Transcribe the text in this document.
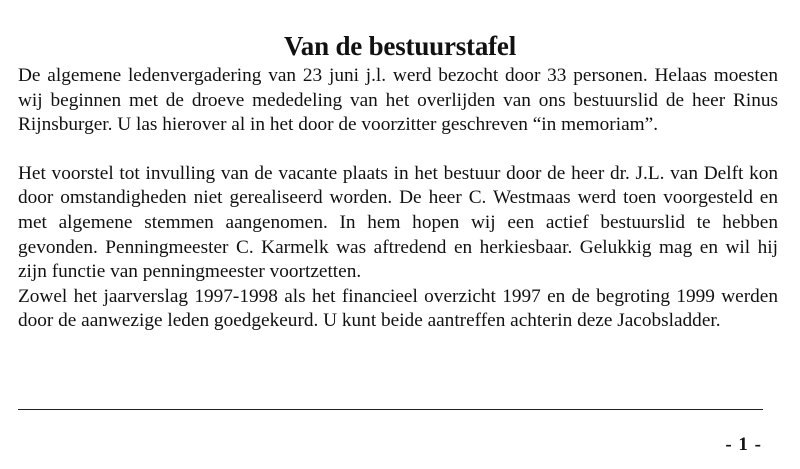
Van de bestuurstafel

De algemene ledenvergadering van 23 juni j.l. werd bezocht door 33 personen. Helaas moesten wij beginnen met de droeve mededeling van het overlijden van ons bestuurslid de heer Rinus Rijnsburger. U las hierover al in het door de voorzitter geschreven “in memoriam”.

Het voorstel tot invulling van de vacante plaats in het bestuur door de heer dr. J.L. van Delft kon door omstandigheden niet gerealiseerd worden. De heer C. Westmaas werd toen voorgesteld en met algemene stemmen aangenomen. In hem hopen wij een actief bestuurslid te hebben gevonden. Penningmeester C. Karmelk was aftredend en herkiesbaar. Gelukkig mag en wil hij zijn functie van penningmeester voortzetten.

Zowel het jaarverslag 1997-1998 als het financieel overzicht 1997 en de begroting 1999 werden door de aanwezige leden goedgekeurd. U kunt beide aantreffen achterin deze Jacobsladder.

- 1 -
